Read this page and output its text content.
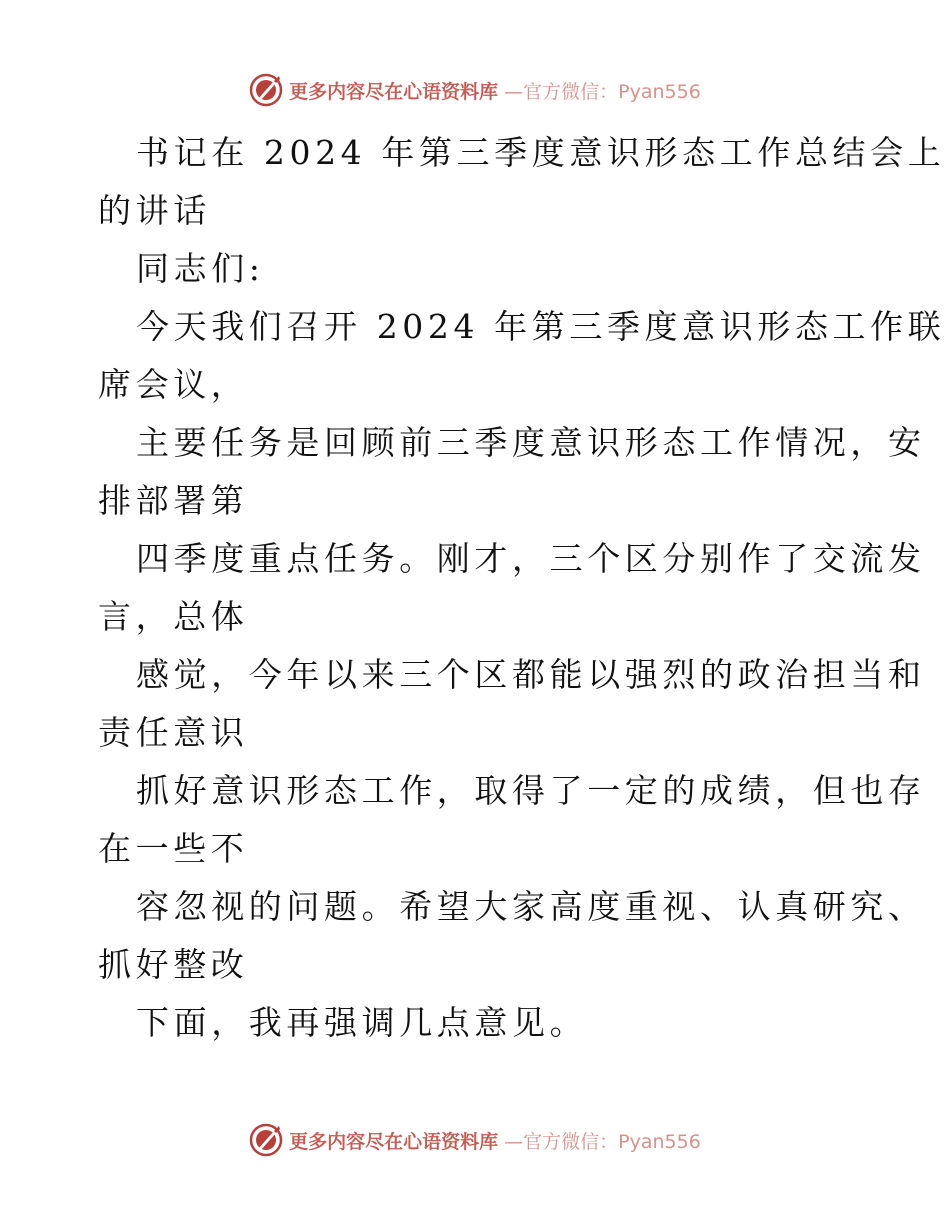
更多内容尽在心语资料库 —官方微信：Pyan556
书记在 2024 年第三季度意识形态工作总结会上
的讲话
同志们:
今天我们召开 2024 年第三季度意识形态工作联
席会议，
主要任务是回顾前三季度意识形态工作情况，安
排部署第
四季度重点任务。刚才，三个区分别作了交流发
言，总体
感觉，今年以来三个区都能以强烈的政治担当和
责任意识
抓好意识形态工作，取得了一定的成绩，但也存
在一些不
容忽视的问题。希望大家高度重视、认真研究、
抓好整改
下面，我再强调几点意见。
更多内容尽在心语资料库 —官方微信：Pyan556
